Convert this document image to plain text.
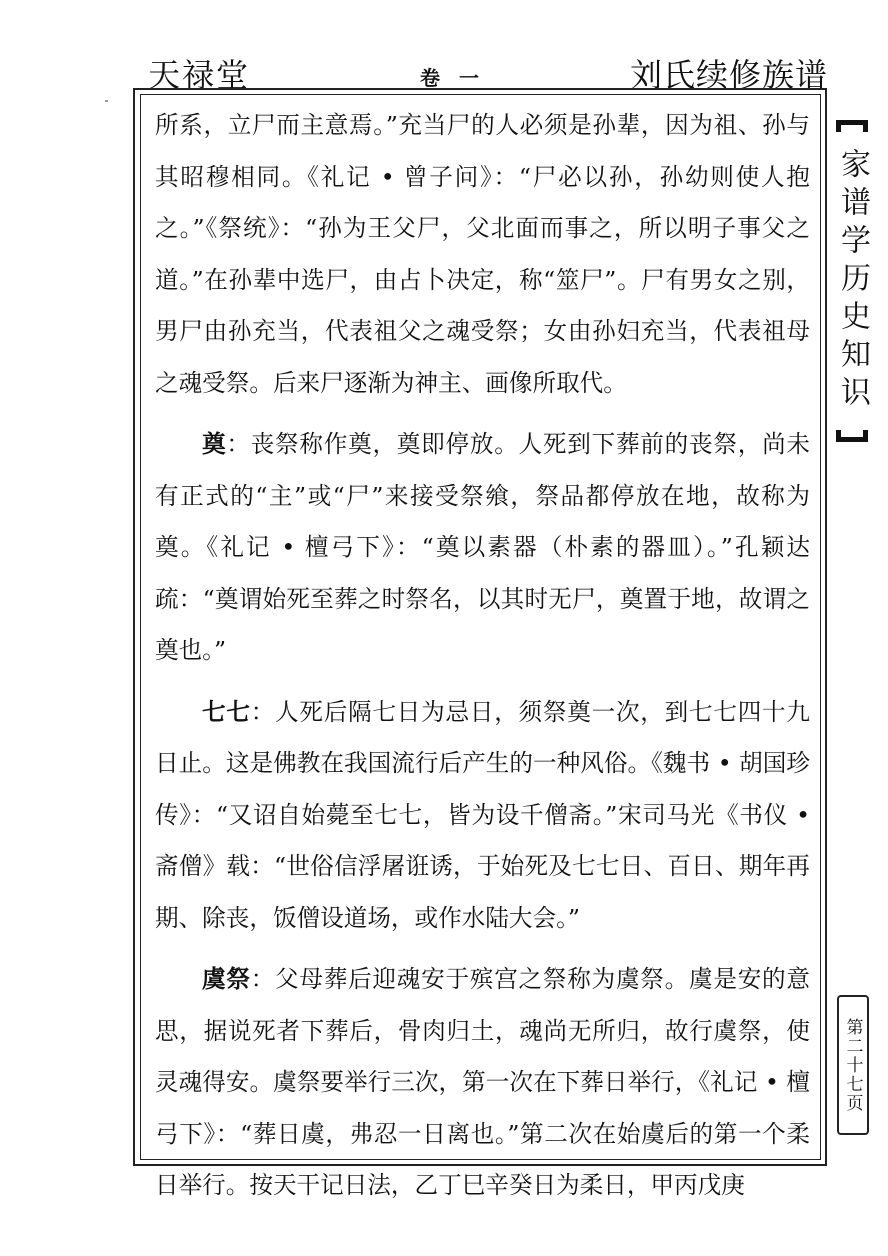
天禄堂	卷 一	刘氏续修族谱

所系，立尸而主意焉。”充当尸的人必须是孙辈，因为祖、孙与其昭穆相同。《礼记 • 曾子问》：“尸必以孙，孙幼则使人抱之。”《祭统》：“孙为王父尸，父北面而事之，所以明子事父之道。”在孙辈中选尸，由占卜决定，称“筮尸”。尸有男女之别，男尸由孙充当，代表祖父之魂受祭；女由孙妇充当，代表祖母之魂受祭。后来尸逐渐为神主、画像所取代。

奠：丧祭称作奠，奠即停放。人死到下葬前的丧祭，尚未有正式的“主”或“尸”来接受祭飨，祭品都停放在地，故称为奠。《礼记 • 檀弓下》：“奠以素器（朴素的器皿）。”孔颖达疏：“奠谓始死至葬之时祭名，以其时无尸，奠置于地，故谓之奠也。”

七七：人死后隔七日为忌日，须祭奠一次，到七七四十九日止。这是佛教在我国流行后产生的一种风俗。《魏书 • 胡国珍传》：“又诏自始薨至七七，皆为设千僧斋。”宋司马光《书仪 • 斋僧》载：“世俗信浮屠诳诱，于始死及七七日、百日、期年再期、除丧，饭僧设道场，或作水陆大会。”

虞祭：父母葬后迎魂安于殡宫之祭称为虞祭。虞是安的意思，据说死者下葬后，骨肉归土，魂尚无所归，故行虞祭，使灵魂得安。虞祭要举行三次，第一次在下葬日举行，《礼记 • 檀弓下》：“葬日虞，弗忍一日离也。”第二次在始虞后的第一个柔日举行。按天干记日法，乙丁巳辛癸日为柔日，甲丙戊庚

家谱学历史知识
第二十七页
